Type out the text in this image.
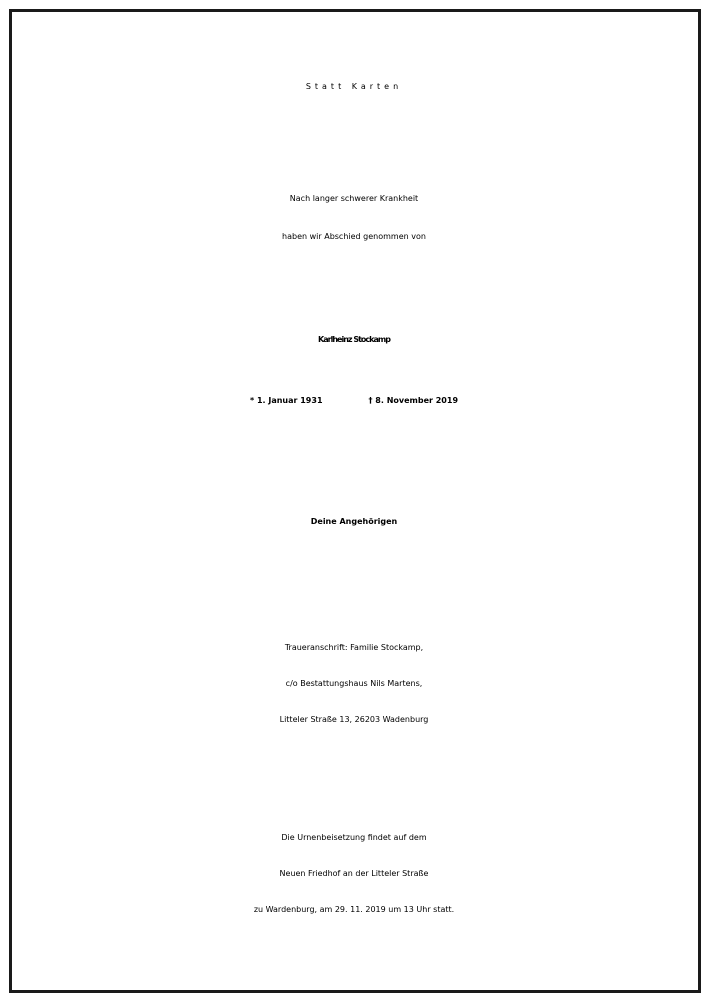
Statt Karten
Nach langer schwerer Krankheit
haben wir Abschied genommen von
Karlheinz Stockamp
* 1. Januar 1931	† 8. November 2019
Deine Angehörigen
Traueranschrift: Familie Stockamp,
c/o Bestattungshaus Nils Martens,
Litteler Straße 13, 26203 Wadenburg
Die Urnenbeisetzung findet auf dem
Neuen Friedhof an der Litteler Straße
zu Wardenburg, am 29. 11. 2019 um 13 Uhr statt.
